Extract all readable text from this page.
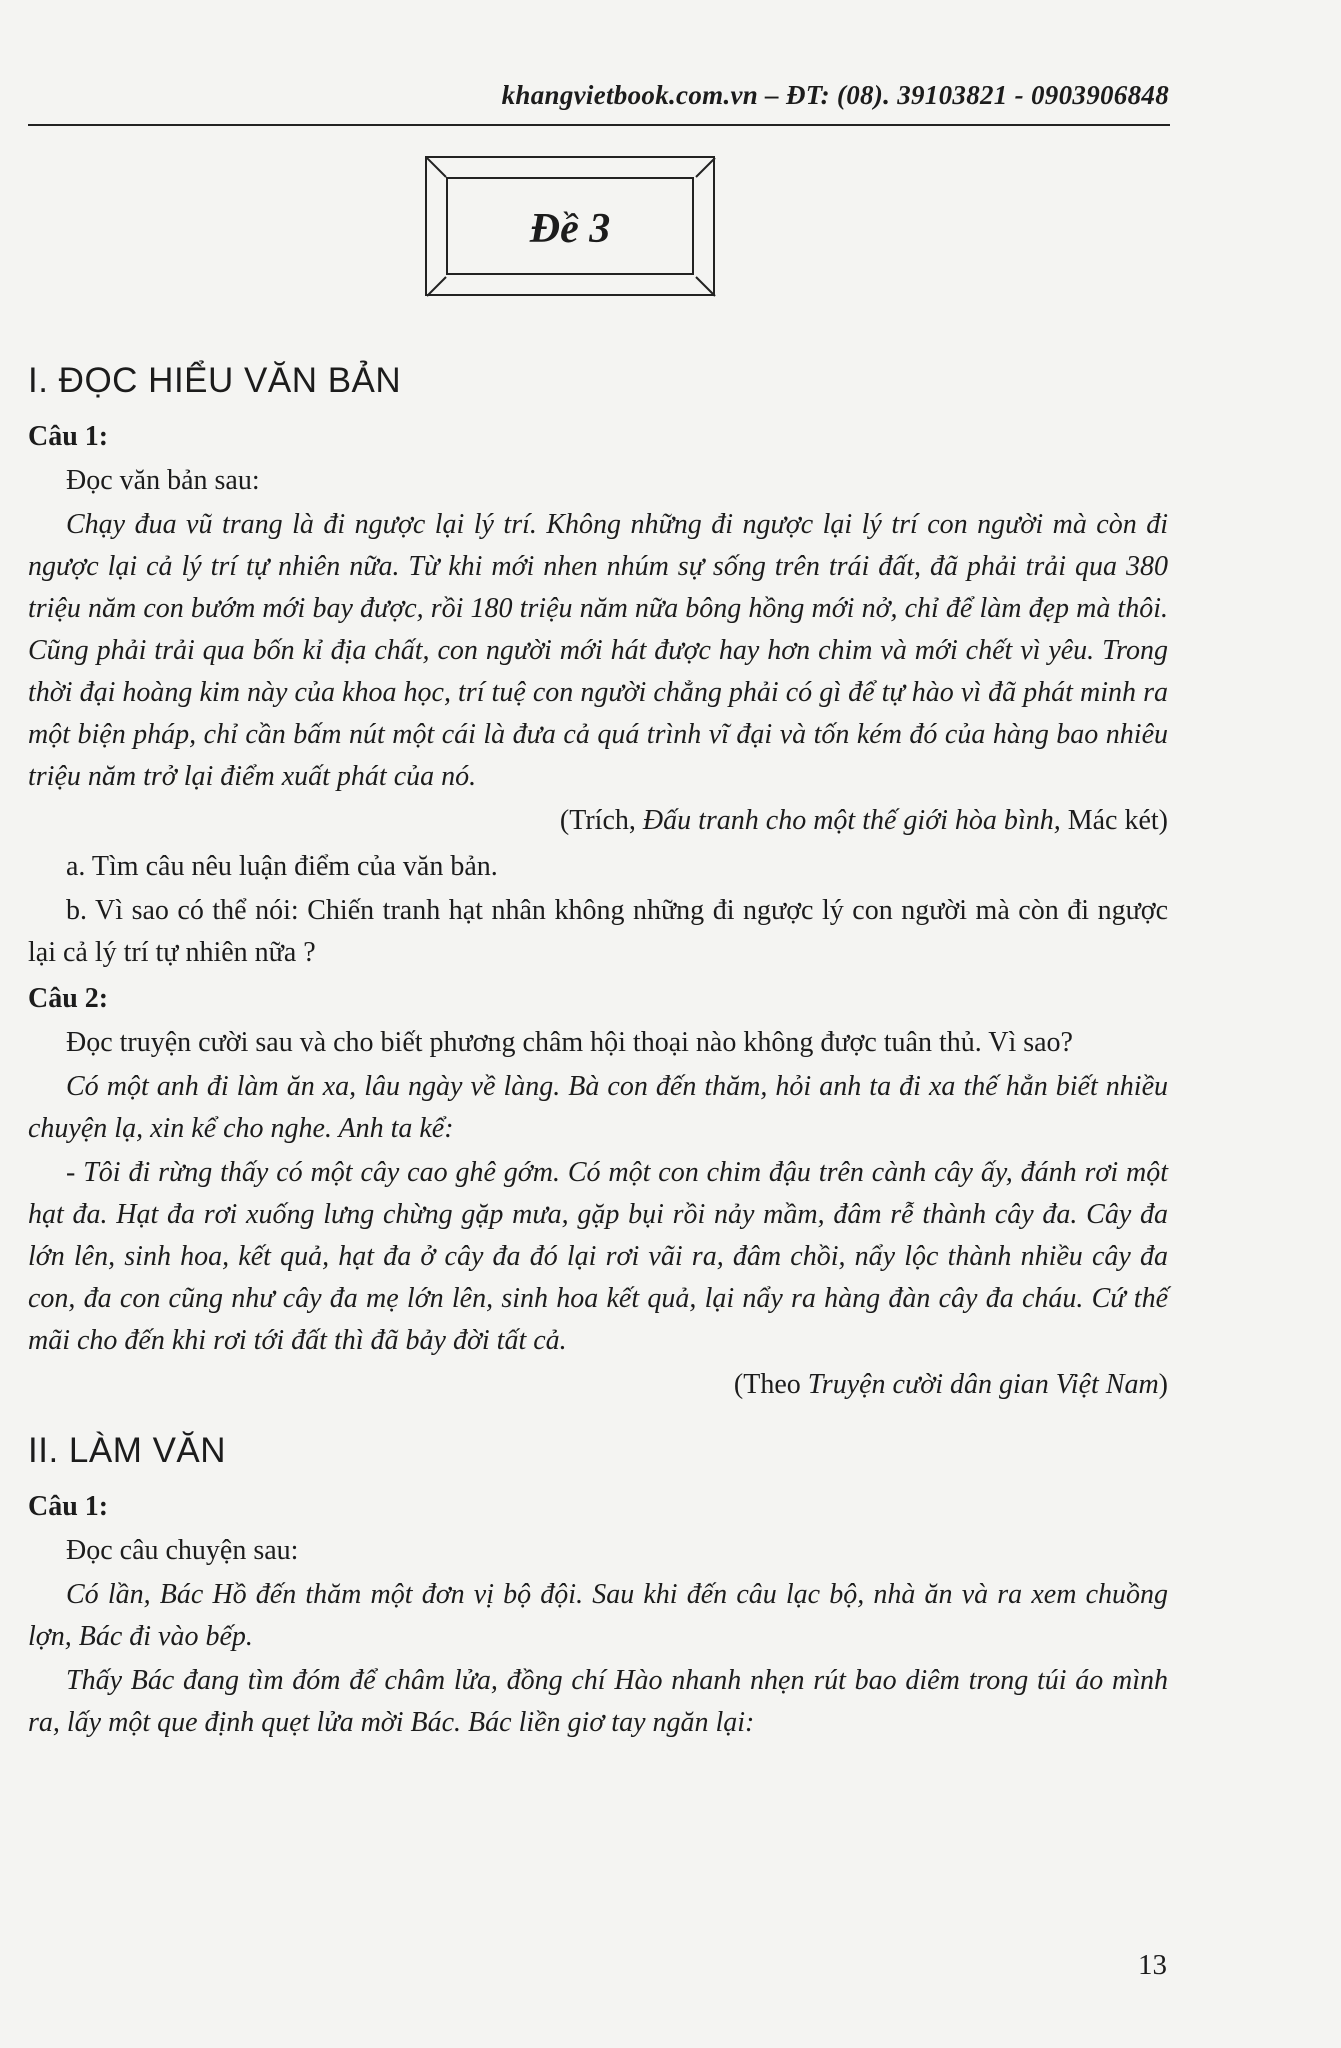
khangvietbook.com.vn – ĐT: (08). 39103821 - 0903906848
Đề 3
I. ĐỌC HIỂU VĂN BẢN
Câu 1:
Đọc văn bản sau:
Chạy đua vũ trang là đi ngược lại lý trí. Không những đi ngược lại lý trí con người mà còn đi ngược lại cả lý trí tự nhiên nữa. Từ khi mới nhen nhúm sự sống trên trái đất, đã phải trải qua 380 triệu năm con bướm mới bay được, rồi 180 triệu năm nữa bông hồng mới nở, chỉ để làm đẹp mà thôi. Cũng phải trải qua bốn kỉ địa chất, con người mới hát được hay hơn chim và mới chết vì yêu. Trong thời đại hoàng kim này của khoa học, trí tuệ con người chẳng phải có gì để tự hào vì đã phát minh ra một biện pháp, chỉ cần bấm nút một cái là đưa cả quá trình vĩ đại và tốn kém đó của hàng bao nhiêu triệu năm trở lại điểm xuất phát của nó.
(Trích, Đấu tranh cho một thế giới hòa bình, Mác két)
a. Tìm câu nêu luận điểm của văn bản.
b. Vì sao có thể nói: Chiến tranh hạt nhân không những đi ngược lý con người mà còn đi ngược lại cả lý trí tự nhiên nữa ?
Câu 2:
Đọc truyện cười sau và cho biết phương châm hội thoại nào không được tuân thủ. Vì sao?
Có một anh đi làm ăn xa, lâu ngày về làng. Bà con đến thăm, hỏi anh ta đi xa thế hẳn biết nhiều chuyện lạ, xin kể cho nghe. Anh ta kể:
- Tôi đi rừng thấy có một cây cao ghê gớm. Có một con chim đậu trên cành cây ấy, đánh rơi một hạt đa. Hạt đa rơi xuống lưng chừng gặp mưa, gặp bụi rồi nảy mầm, đâm rễ thành cây đa. Cây đa lớn lên, sinh hoa, kết quả, hạt đa ở cây đa đó lại rơi vãi ra, đâm chồi, nẩy lộc thành nhiều cây đa con, đa con cũng như cây đa mẹ lớn lên, sinh hoa kết quả, lại nẩy ra hàng đàn cây đa cháu. Cứ thế mãi cho đến khi rơi tới đất thì đã bảy đời tất cả.
(Theo Truyện cười dân gian Việt Nam)
II. LÀM VĂN
Câu 1:
Đọc câu chuyện sau:
Có lần, Bác Hồ đến thăm một đơn vị bộ đội. Sau khi đến câu lạc bộ, nhà ăn và ra xem chuồng lợn, Bác đi vào bếp.
Thấy Bác đang tìm đóm để châm lửa, đồng chí Hào nhanh nhẹn rút bao diêm trong túi áo mình ra, lấy một que định quẹt lửa mời Bác. Bác liền giơ tay ngăn lại:
13
